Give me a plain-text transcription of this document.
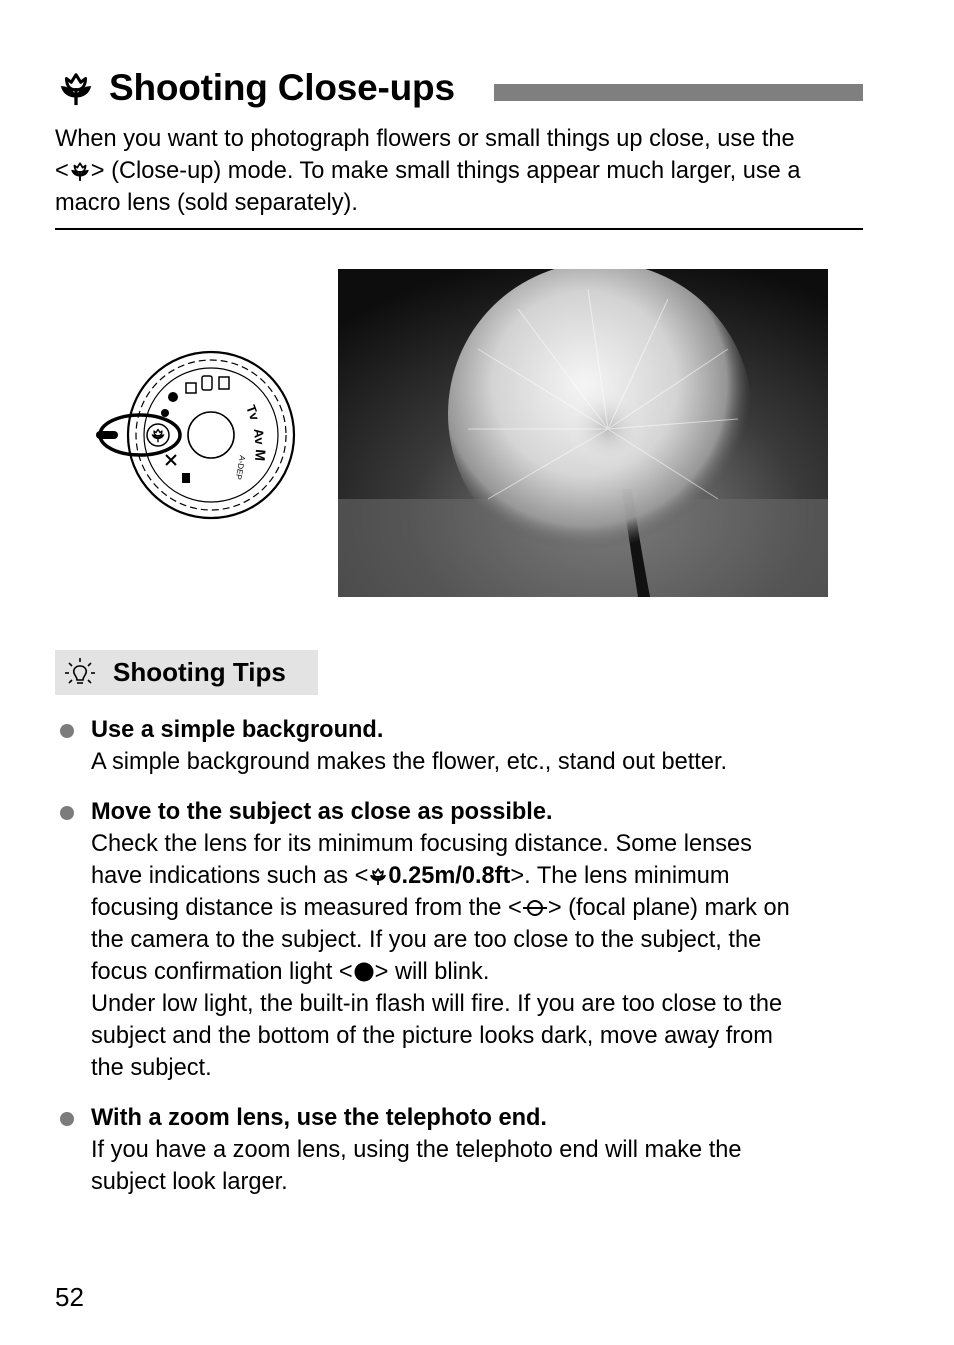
Shooting Close-ups
When you want to photograph flowers or small things up close, use the
< > (Close-up) mode. To make small things appear much larger, use a
macro lens (sold separately).
Tv
Av
M
A-DEP
Shooting Tips
Use a simple background.
A simple background makes the flower, etc., stand out better.
Move to the subject as close as possible.
Check the lens for its minimum focusing distance. Some lenses
have indications such as < 0.25m/0.8ft>. The lens minimum
focusing distance is measured from the < > (focal plane) mark on
the camera to the subject. If you are too close to the subject, the
focus confirmation light < > will blink.
Under low light, the built-in flash will fire. If you are too close to the
subject and the bottom of the picture looks dark, move away from
the subject.
With a zoom lens, use the telephoto end.
If you have a zoom lens, using the telephoto end will make the
subject look larger.
52
